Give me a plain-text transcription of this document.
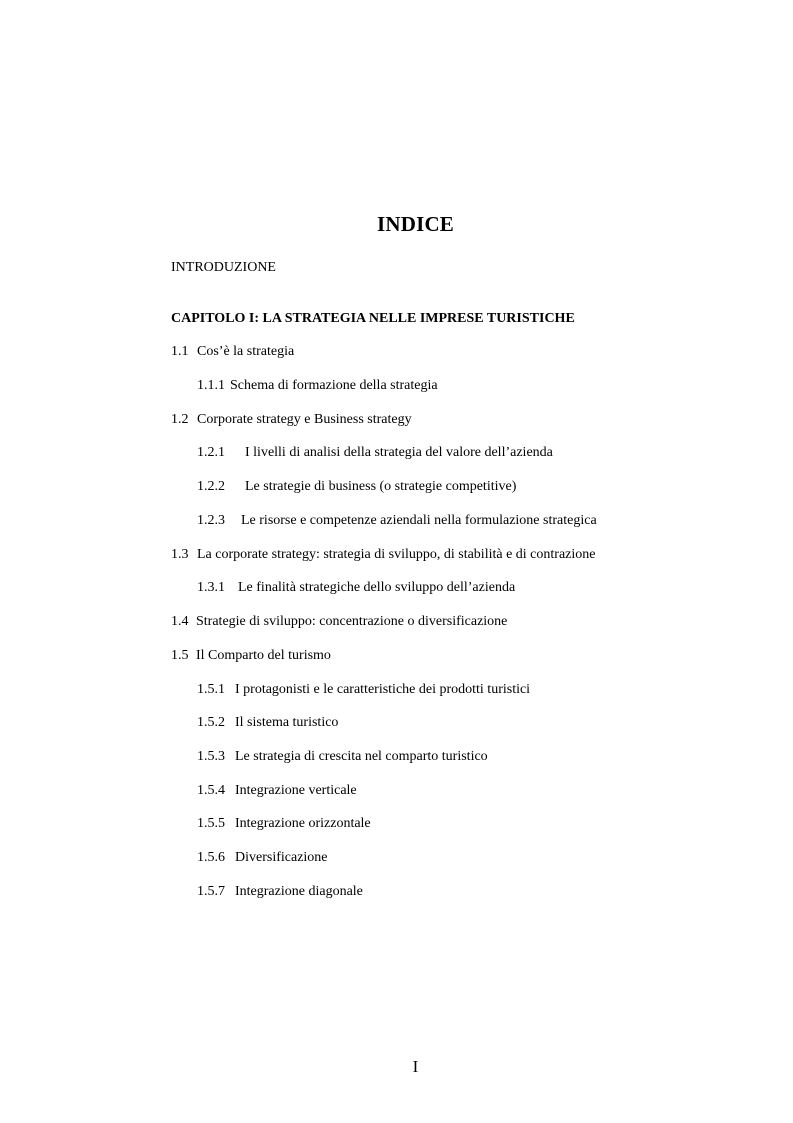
INDICE
INTRODUZIONE
CAPITOLO I: LA STRATEGIA NELLE IMPRESE TURISTICHE
1.1 Cos’è la strategia
1.1.1 Schema di formazione della strategia
1.2 Corporate strategy e Business strategy
1.2.1 I livelli di analisi della strategia del valore dell’azienda
1.2.2 Le strategie di business (o strategie competitive)
1.2.3 Le risorse e competenze aziendali nella formulazione strategica
1.3 La corporate strategy: strategia di sviluppo, di stabilità e di contrazione
1.3.1 Le finalità strategiche dello sviluppo dell’azienda
1.4 Strategie di sviluppo: concentrazione o diversificazione
1.5 Il Comparto del turismo
1.5.1 I protagonisti e le caratteristiche dei prodotti turistici
1.5.2 Il sistema turistico
1.5.3 Le strategia di crescita nel comparto turistico
1.5.4 Integrazione verticale
1.5.5 Integrazione orizzontale
1.5.6 Diversificazione
1.5.7 Integrazione diagonale
I
